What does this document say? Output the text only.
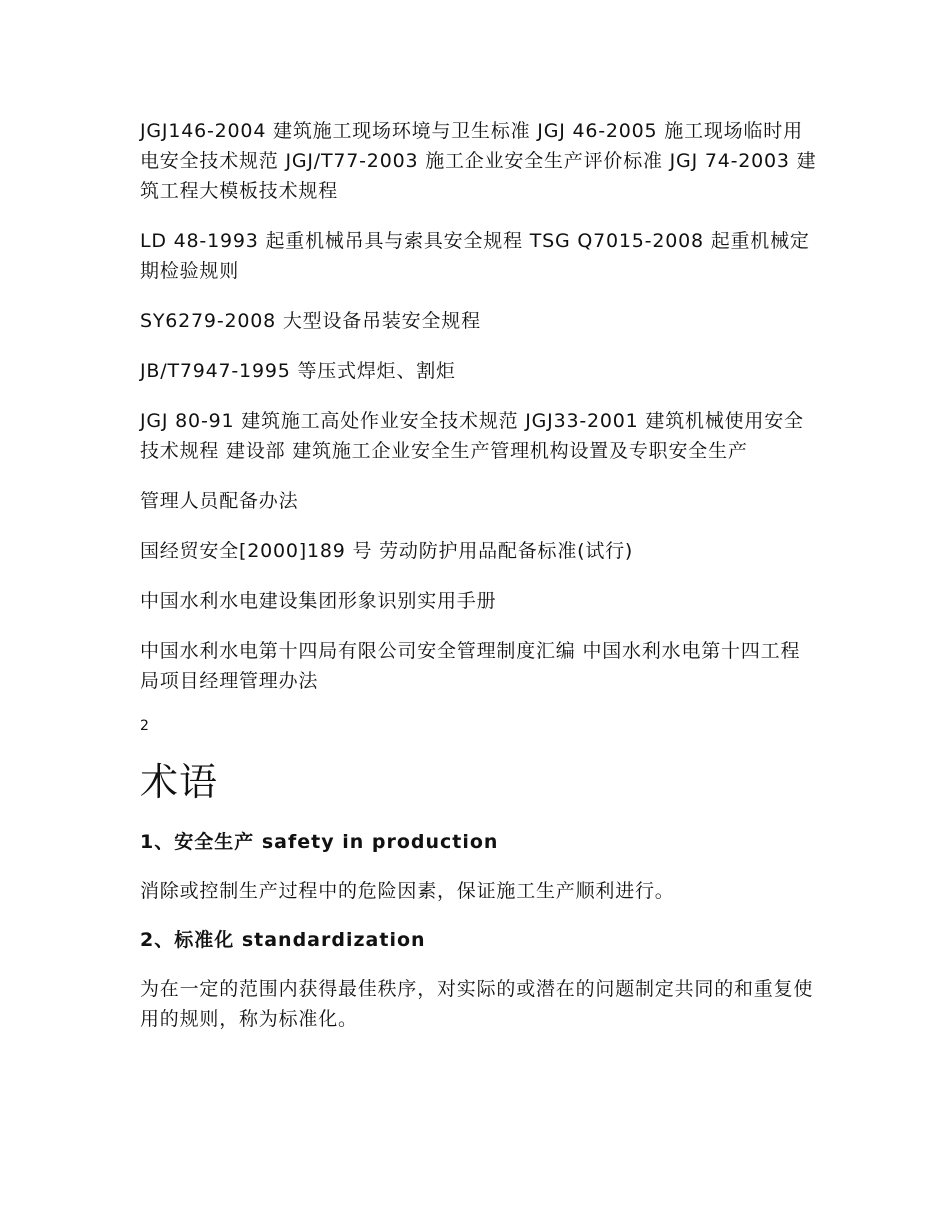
JGJ146-2004 建筑施工现场环境与卫生标准 JGJ 46-2005 施工现场临时用电安全技术规范 JGJ/T77-2003 施工企业安全生产评价标准 JGJ 74-2003 建筑工程大模板技术规程

LD 48-1993 起重机械吊具与索具安全规程 TSG Q7015-2008 起重机械定期检验规则

SY6279-2008 大型设备吊装安全规程

JB/T7947-1995 等压式焊炬、割炬

JGJ 80-91 建筑施工高处作业安全技术规范 JGJ33-2001 建筑机械使用安全技术规程 建设部 建筑施工企业安全生产管理机构设置及专职安全生产

管理人员配备办法

国经贸安全[2000]189 号 劳动防护用品配备标准(试行)

中国水利水电建设集团形象识别实用手册

中国水利水电第十四局有限公司安全管理制度汇编 中国水利水电第十四工程局项目经理管理办法

2
术语
1、安全生产 safety in production

消除或控制生产过程中的危险因素，保证施工生产顺利进行。

2、标准化 standardization

为在一定的范围内获得最佳秩序，对实际的或潜在的问题制定共同的和重复使用的规则，称为标准化。
